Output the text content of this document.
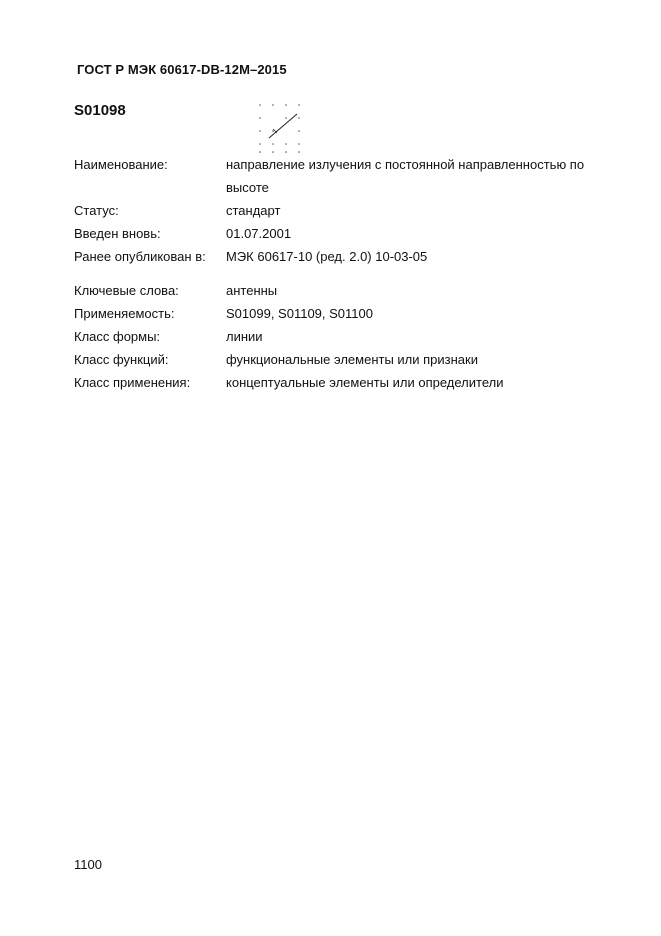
ГОСТ Р МЭК 60617-DB-12M–2015
S01098
Наименование:	направление излучения с постоянной направленностью по высоте
Статус:	стандарт
Введен вновь:	01.07.2001
Ранее опубликован в:	МЭК 60617-10 (ред. 2.0) 10-03-05
Ключевые слова:	антенны
Применяемость:	S01099, S01109, S01100
Класс формы:	линии
Класс функций:	функциональные элементы или признаки
Класс применения:	концептуальные элементы или определители
1100
